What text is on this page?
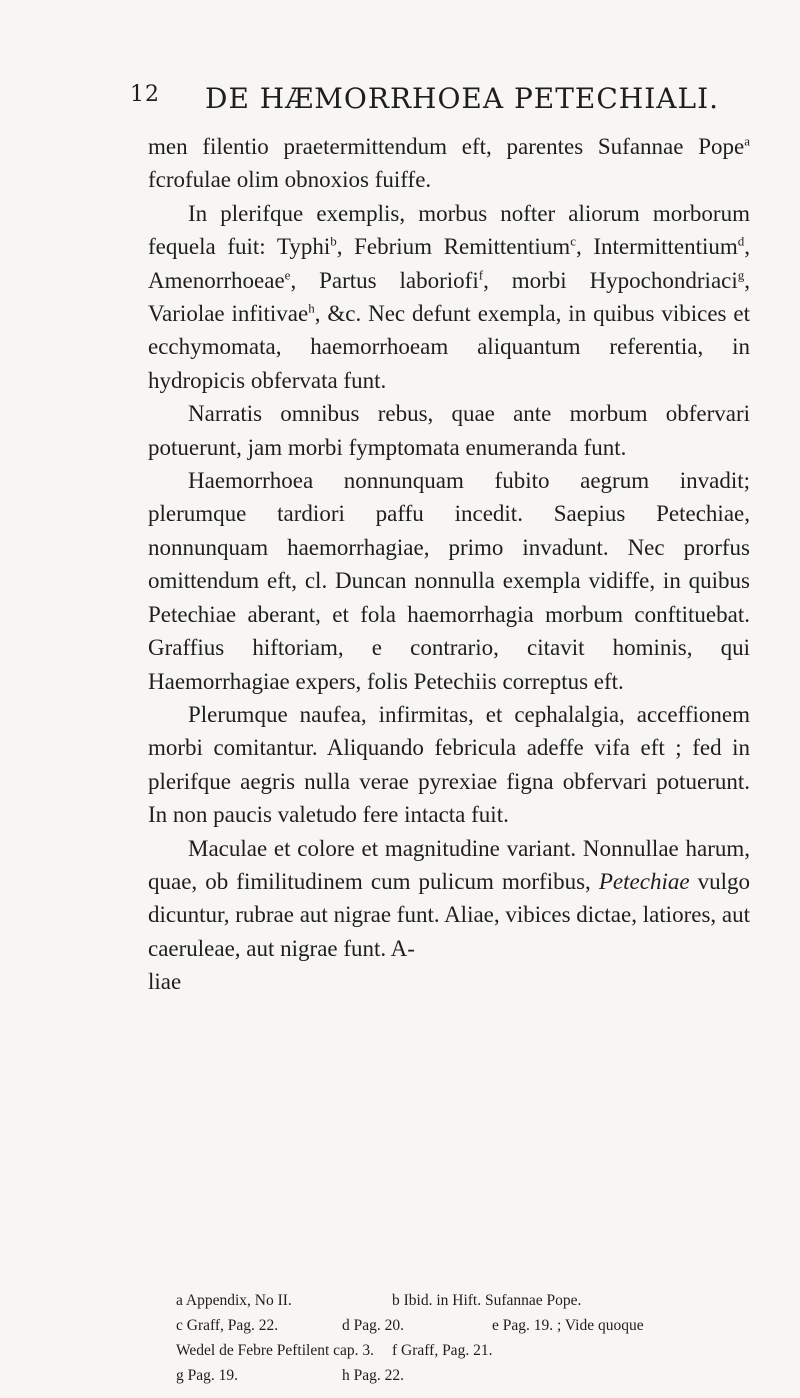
12 DE HÆMORRHOEA PETECHIALI.

men filentio praetermittendum eft, parentes Sufannae Pope$^a$ fcrofulae olim obnoxios fuiffe.

In plerifque exemplis, morbus nofter aliorum morborum fequela fuit: Typhi$^b$, Febrium Remittentium$^c$, Intermittentium$^d$, Amenorrhoeae$^e$, Partus laboriofi$^f$, morbi Hypochondriaci$^g$, Variolae infitivae$^h$, &c. Nec defunt exempla, in quibus vibices et ecchymomata, haemorrhoeam aliquantum referentia, in hydropicis obfervata funt.

Narratis omnibus rebus, quae ante morbum obfervari potuerunt, jam morbi fymptomata enumeranda funt.

Haemorrhoea nonnunquam fubito aegrum invadit; plerumque tardiori paffu incedit. Saepius Petechiae, nonnunquam haemorrhagiae, primo invadunt. Nec prorfus omittendum eft, cl. Duncan nonnulla exempla vidiffe, in quibus Petechiae aberant, et fola haemorrhagia morbum conftituebat. Graffius hiftoriam, e contrario, citavit hominis, qui Haemorrhagiae expers, folis Petechiis correptus eft.

Plerumque naufea, infirmitas, et cephalalgia, acceffionem morbi comitantur. Aliquando febricula adeffe vifa eft ; fed in plerifque aegris nulla verae pyrexiae figna obfervari potuerunt. In non paucis valetudo fere intacta fuit.

Maculae et colore et magnitudine variant. Nonnullae harum, quae, ob fimilitudinem cum pulicum morfibus, Petechiae vulgo dicuntur, rubrae aut nigrae funt. Aliae, vibices dictae, latiores, aut caeruleae, aut nigrae funt. A-

liae

a Appendix, No II.	b Ibid. in Hift. Sufannae Pope.
c Graff, Pag. 22.	d Pag. 20.	e Pag. 19. ; Vide quoque
Wedel de Febre Peftilent cap. 3.	f Graff, Pag. 21.
g Pag. 19.	h Pag. 22.
